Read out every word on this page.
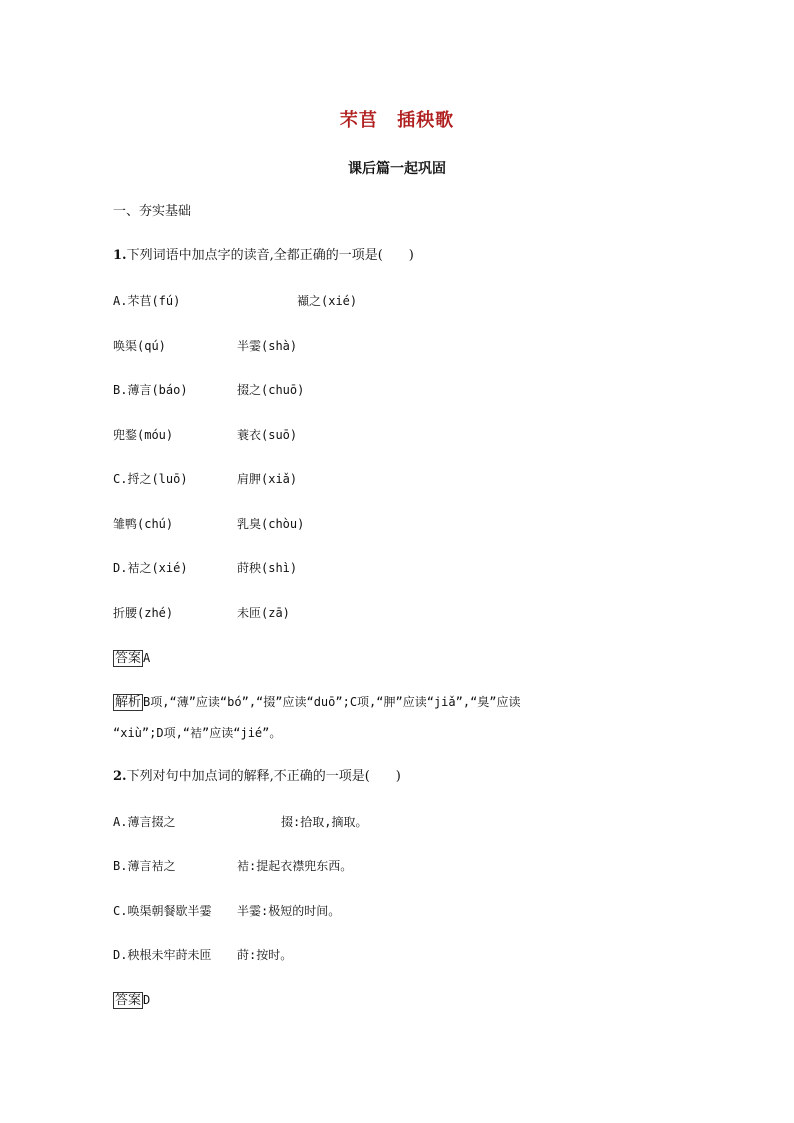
芣苢 插秧歌
课后篇一起巩固
一、夯实基础
1.下列词语中加点字的读音,全都正确的一项是(　　)
A.芣苢(fú)	襭之(xié)
唤渠(qú)	半霎(shà)
B.薄言(báo)	掇之(chuō)
兜鍪(móu)	蓑衣(suō)
C.捋之(luō)	肩胛(xiǎ)
雏鸭(chú)	乳臭(chòu)
D.袺之(xié)	莳秧(shì)
折腰(zhé)	未匝(zā)
答案 A
解析 B项,“薄”应读“bó”,“掇”应读“duō”;C项,“胛”应读“jiǎ”,“臭”应读
“xiù”;D项,“袺”应读“jié”。
2.下列对句中加点词的解释,不正确的一项是(　　)
A.薄言掇之	掇:拾取,摘取。
B.薄言袺之	袺:提起衣襟兜东西。
C.唤渠朝餐歇半霎 半霎:极短的时间。
D.秧根未牢莳未匝 莳:按时。
答案 D
